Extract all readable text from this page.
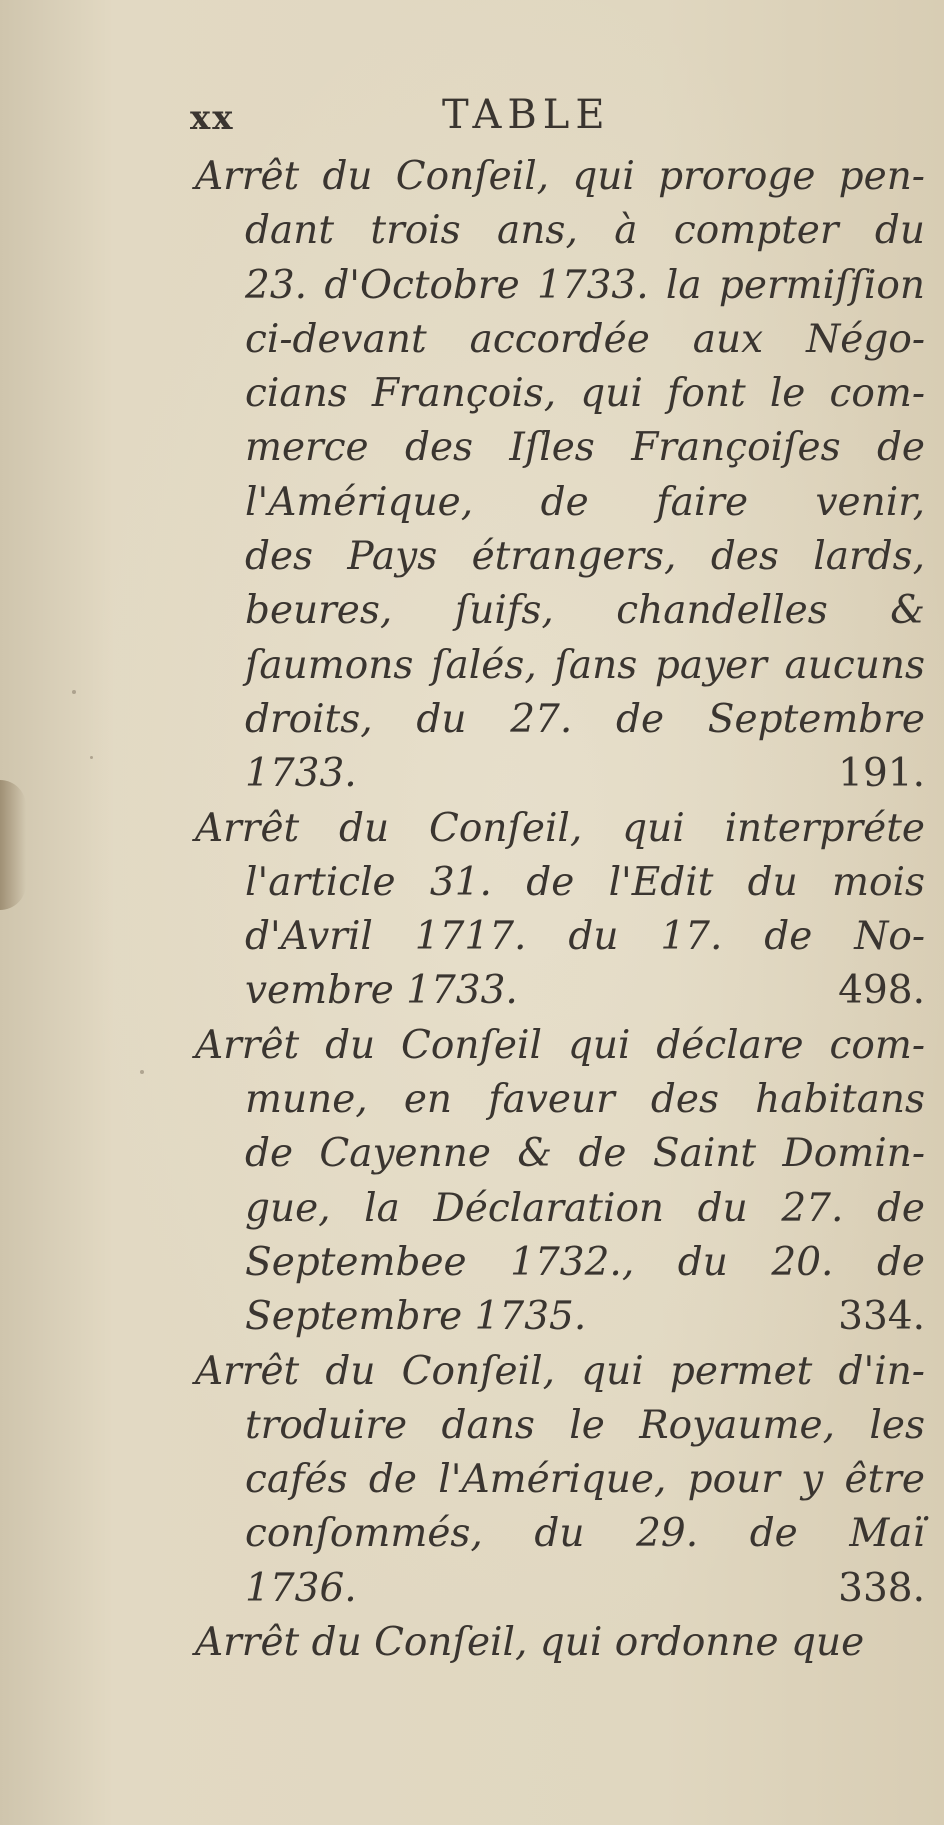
xx	TABLE
Arrêt du Conſeil, qui proroge pen-
dant trois ans, à compter du
23. d'Octobre 1733. la permiſſion
ci-devant accordée aux Négo-
cians François, qui font le com-
merce des Iſles Françoiſes de
l'Amérique, de faire venir,
des Pays étrangers, des lards,
beures, ſuifs, chandelles &
ſaumons ſalés, ſans payer aucuns
droits, du 27. de Septembre
1733.	191.
Arrêt du Conſeil, qui interpréte
l'article 31. de l'Edit du mois
d'Avril 1717. du 17. de No-
vembre 1733.	498.
Arrêt du Conſeil qui déclare com-
mune, en faveur des habitans
de Cayenne & de Saint Domin-
gue, la Déclaration du 27. de
Septembee 1732., du 20. de
Septembre 1735.	334.
Arrêt du Conſeil, qui permet d'in-
troduire dans le Royaume, les
cafés de l'Amérique, pour y être
conſommés, du 29. de Maï
1736.	338.
Arrêt du Conſeil, qui ordonne que
